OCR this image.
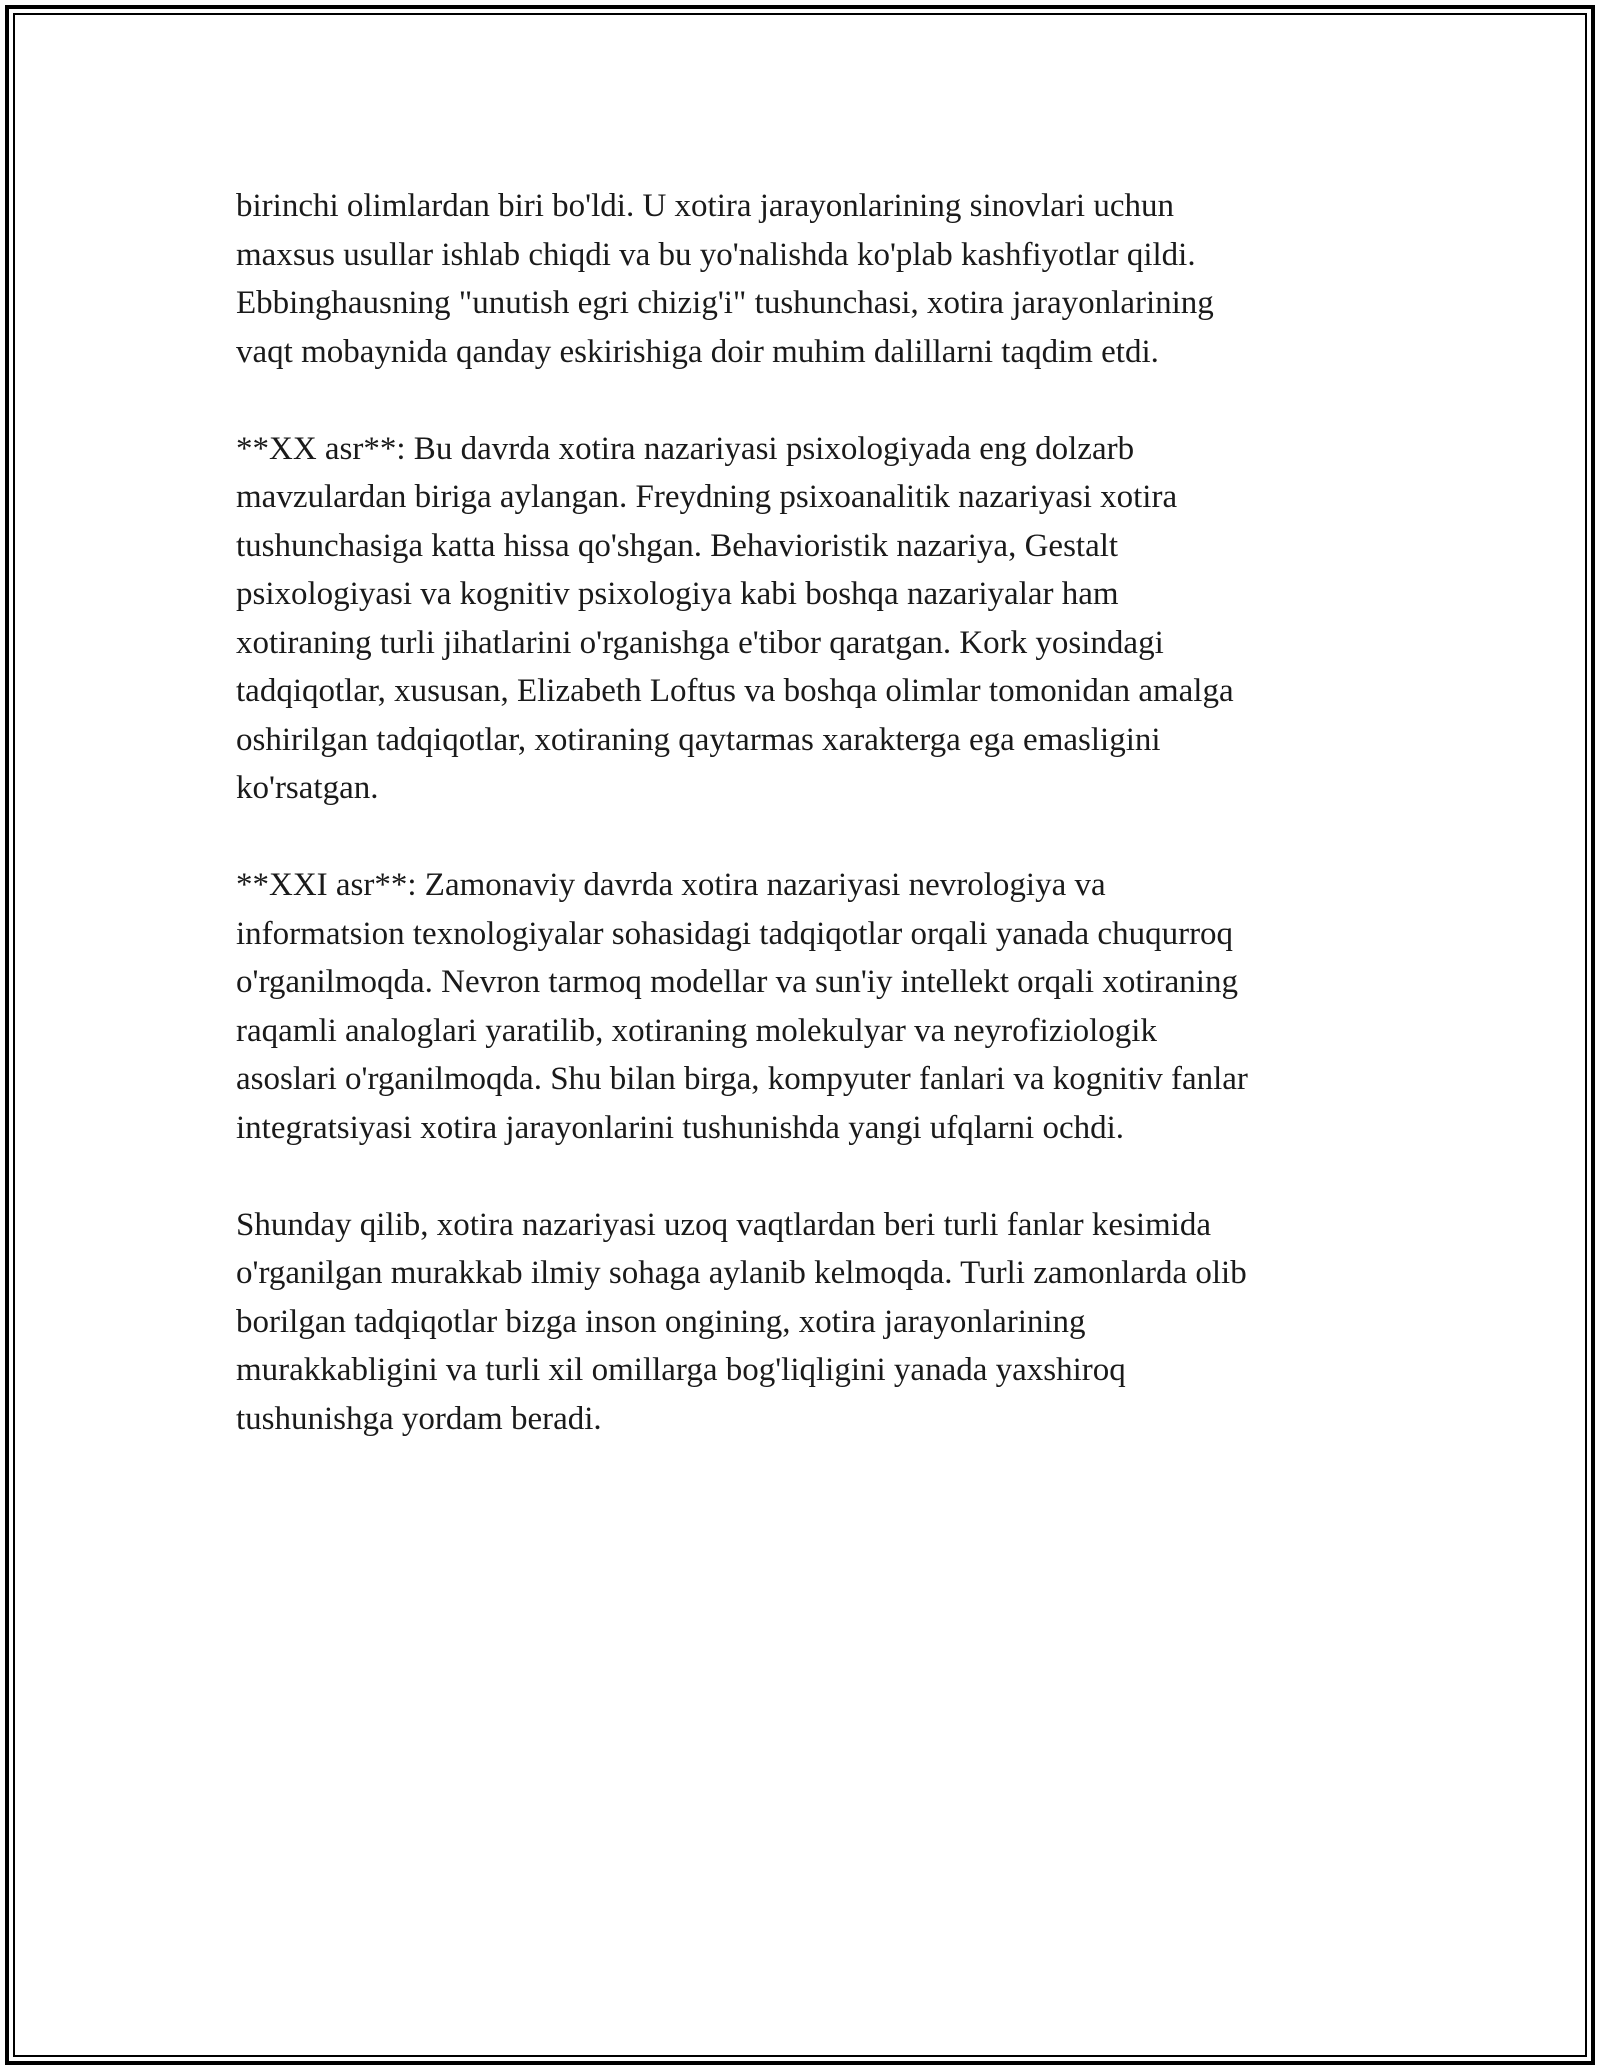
birinchi olimlardan biri bo'ldi. U xotira jarayonlarining sinovlari uchun
maxsus usullar ishlab chiqdi va bu yo'nalishda ko'plab kashfiyotlar qildi.
Ebbinghausning "unutish egri chizig'i" tushunchasi, xotira jarayonlarining
vaqt mobaynida qanday eskirishiga doir muhim dalillarni taqdim etdi.

**XX asr**: Bu davrda xotira nazariyasi psixologiyada eng dolzarb
mavzulardan biriga aylangan. Freydning psixoanalitik nazariyasi xotira
tushunchasiga katta hissa qo'shgan. Behavioristik nazariya, Gestalt
psixologiyasi va kognitiv psixologiya kabi boshqa nazariyalar ham
xotiraning turli jihatlarini o'rganishga e'tibor qaratgan. Kork yosindagi
tadqiqotlar, xususan, Elizabeth Loftus va boshqa olimlar tomonidan amalga
oshirilgan tadqiqotlar, xotiraning qaytarmas xarakterga ega emasligini
ko'rsatgan.

**XXI asr**: Zamonaviy davrda xotira nazariyasi nevrologiya va
informatsion texnologiyalar sohasidagi tadqiqotlar orqali yanada chuqurroq
o'rganilmoqda. Nevron tarmoq modellar va sun'iy intellekt orqali xotiraning
raqamli analoglari yaratilib, xotiraning molekulyar va neyrofiziologik
asoslari o'rganilmoqda. Shu bilan birga, kompyuter fanlari va kognitiv fanlar
integratsiyasi xotira jarayonlarini tushunishda yangi ufqlarni ochdi.

Shunday qilib, xotira nazariyasi uzoq vaqtlardan beri turli fanlar kesimida
o'rganilgan murakkab ilmiy sohaga aylanib kelmoqda. Turli zamonlarda olib
borilgan tadqiqotlar bizga inson ongining, xotira jarayonlarining
murakkabligini va turli xil omillarga bog'liqligini yanada yaxshiroq
tushunishga yordam beradi.
